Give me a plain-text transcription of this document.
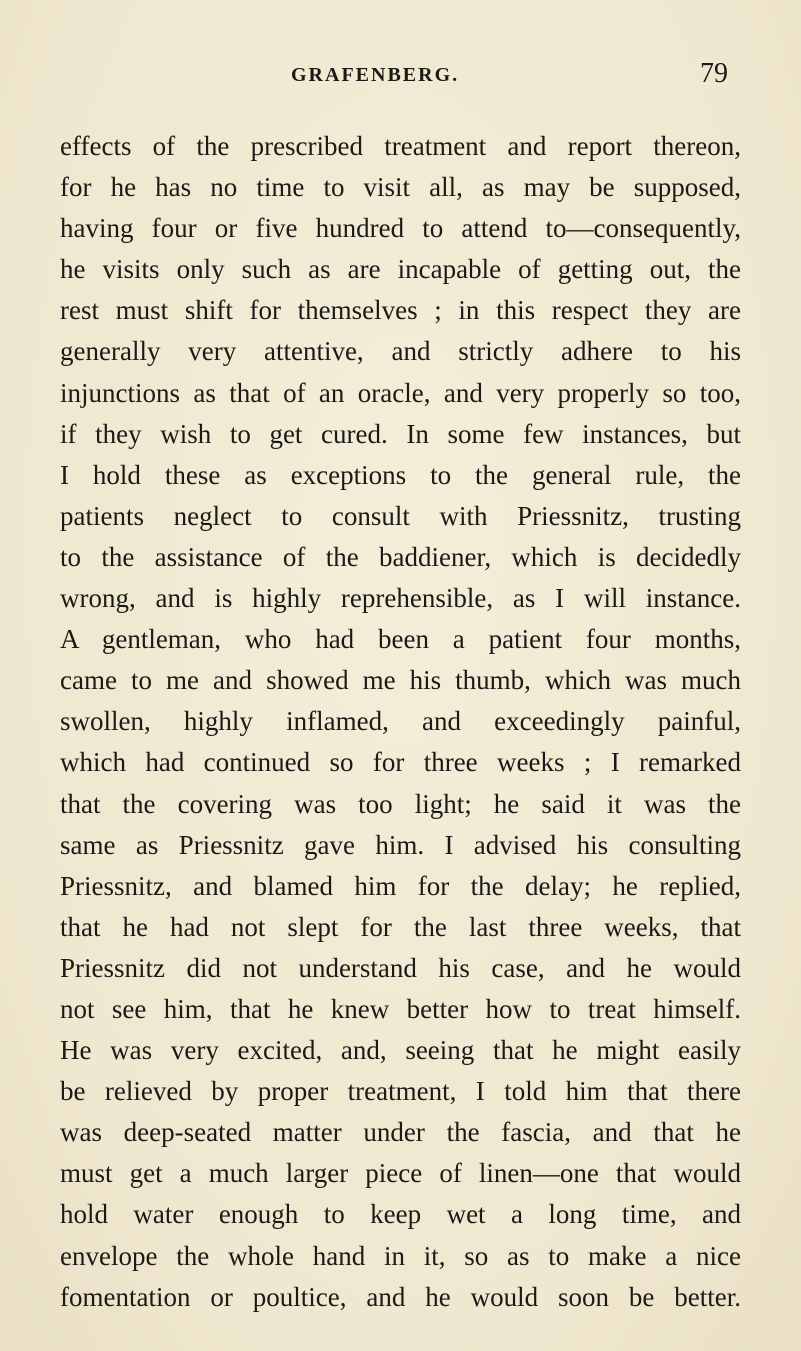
GRAFENBERG.	79
effects of the prescribed treatment and report thereon,
for he has no time to visit all, as may be supposed,
having four or five hundred to attend to—consequently,
he visits only such as are incapable of getting out, the
rest must shift for themselves ; in this respect they are
generally very attentive, and strictly adhere to his
injunctions as that of an oracle, and very properly so too,
if they wish to get cured. In some few instances, but
I hold these as exceptions to the general rule, the
patients neglect to consult with Priessnitz, trusting
to the assistance of the baddiener, which is decidedly
wrong, and is highly reprehensible, as I will instance.
A gentleman, who had been a patient four months,
came to me and showed me his thumb, which was much
swollen, highly inflamed, and exceedingly painful,
which had continued so for three weeks ; I remarked
that the covering was too light; he said it was the
same as Priessnitz gave him. I advised his consulting
Priessnitz, and blamed him for the delay; he replied,
that he had not slept for the last three weeks, that
Priessnitz did not understand his case, and he would
not see him, that he knew better how to treat himself.
He was very excited, and, seeing that he might easily
be relieved by proper treatment, I told him that there
was deep-seated matter under the fascia, and that he
must get a much larger piece of linen—one that would
hold water enough to keep wet a long time, and
envelope the whole hand in it, so as to make a nice
fomentation or poultice, and he would soon be better.
